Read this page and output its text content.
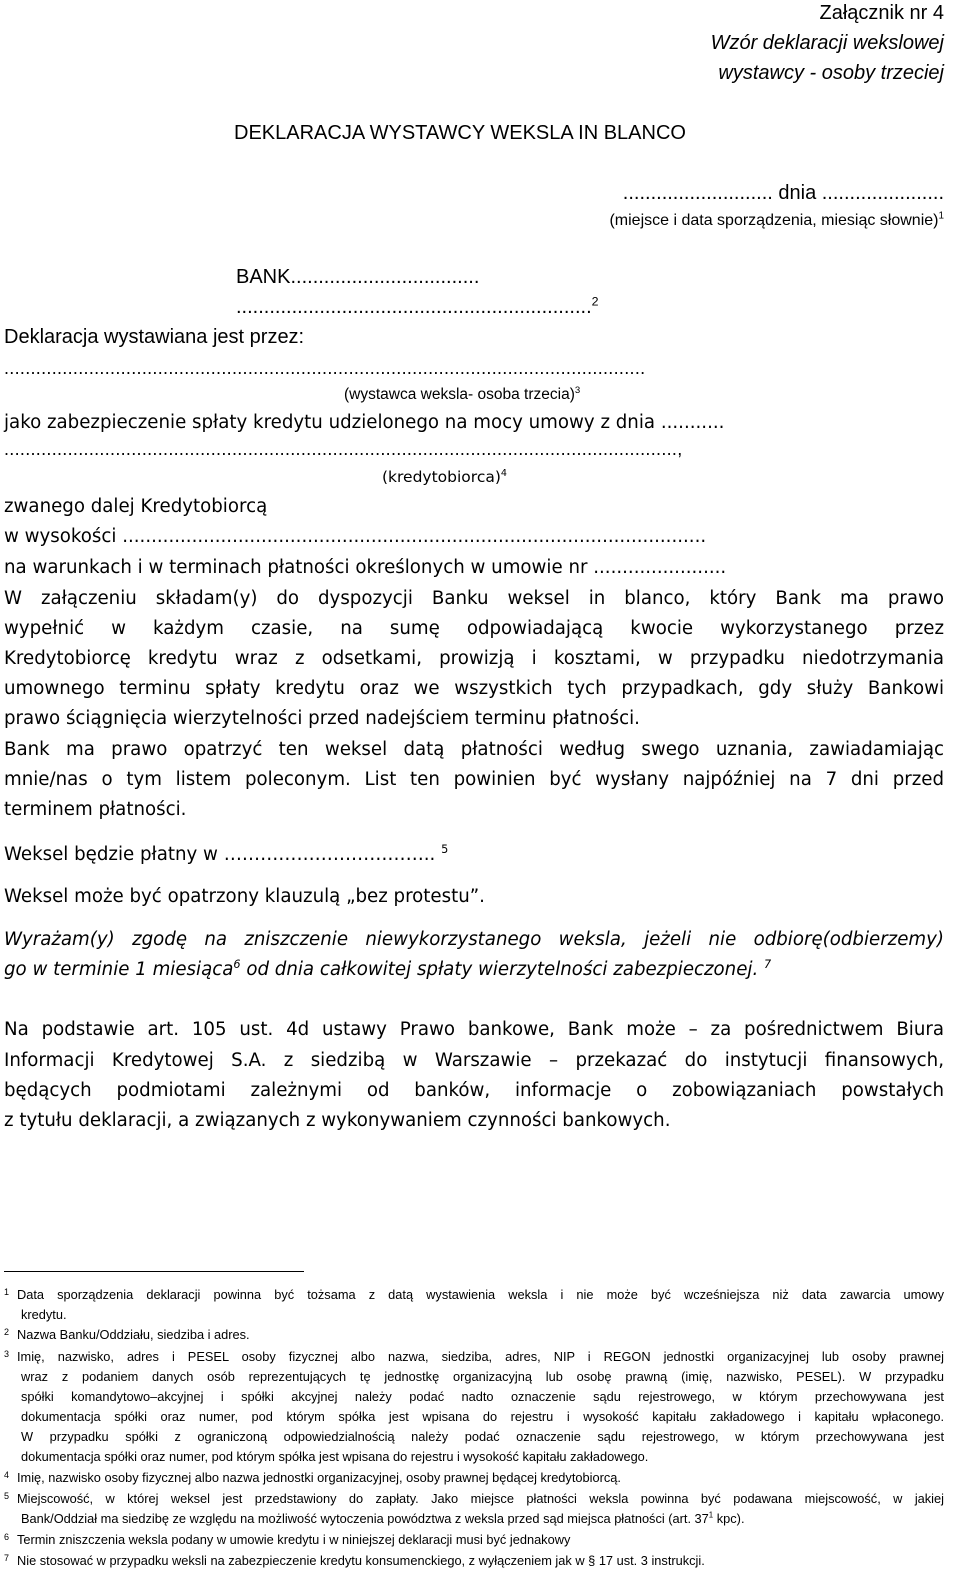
Załącznik nr 4
Wzór deklaracji wekslowej
wystawcy - osoby trzeciej
DEKLARACJA WYSTAWCY WEKSLA IN BLANCO
........................... dnia ......................
(miejsce i data sporządzenia, miesiąc słownie)$^1$
BANK..................................
................................................................$^2$
Deklaracja wystawiana jest przez:
.........................................................................................................................
(wystawca weksla- osoba trzecia)$^3$
jako zabezpieczenie spłaty kredytu udzielonego na mocy umowy z dnia ...........
...............................................................................................................................,
(kredytobiorca)$^4$
zwanego dalej Kredytobiorcą
w wysokości .....................................................................................................
na warunkach i w terminach płatności określonych w umowie nr .......................
W załączeniu składam(y) do dyspozycji Banku weksel in blanco, który Bank ma prawo
wypełnić w każdym czasie, na sumę odpowiadającą kwocie wykorzystanego przez
Kredytobiorcę kredytu wraz z odsetkami, prowizją i kosztami, w przypadku niedotrzymania
umownego terminu spłaty kredytu oraz we wszystkich tych przypadkach, gdy służy Bankowi
prawo ściągnięcia wierzytelności przed nadejściem terminu płatności.
Bank ma prawo opatrzyć ten weksel datą płatności według swego uznania, zawiadamiając
mnie/nas o tym listem poleconym. List ten powinien być wysłany najpóźniej na 7 dni przed
terminem płatności.
Weksel będzie płatny w …………………………….. $^5$
Weksel może być opatrzony klauzulą „bez protestu”.
Wyrażam(y) zgodę na zniszczenie niewykorzystanego weksla, jeżeli nie odbiorę(odbierzemy)
go w terminie 1 miesiąca$^6$ od dnia całkowitej spłaty wierzytelności zabezpieczonej. $^7$
Na podstawie art. 105 ust. 4d ustawy Prawo bankowe, Bank może – za pośrednictwem Biura
Informacji Kredytowej S.A. z siedzibą w Warszawie – przekazać do instytucji finansowych,
będących podmiotami zależnymi od banków, informacje o zobowiązaniach powstałych
z tytułu deklaracji, a związanych z wykonywaniem czynności bankowych.
1 Data sporządzenia deklaracji powinna być tożsama z datą wystawienia weksla i nie może być wcześniejsza niż data zawarcia umowy
kredytu.
2 Nazwa Banku/Oddziału, siedziba i adres.
3 Imię, nazwisko, adres i PESEL osoby fizycznej albo nazwa, siedziba, adres, NIP i REGON jednostki organizacyjnej lub osoby prawnej
wraz z podaniem danych osób reprezentujących tę jednostkę organizacyjną lub osobę prawną (imię, nazwisko, PESEL). W przypadku
spółki komandytowo–akcyjnej i spółki akcyjnej należy podać nadto oznaczenie sądu rejestrowego, w którym przechowywana jest
dokumentacja spółki oraz numer, pod którym spółka jest wpisana do rejestru i wysokość kapitału zakładowego i kapitału wpłaconego.
W przypadku spółki z ograniczoną odpowiedzialnością należy podać oznaczenie sądu rejestrowego, w którym przechowywana jest
dokumentacja spółki oraz numer, pod którym spółka jest wpisana do rejestru i wysokość kapitału zakładowego.
4 Imię, nazwisko osoby fizycznej albo nazwa jednostki organizacyjnej, osoby prawnej będącej kredytobiorcą.
5 Miejscowość, w której weksel jest przedstawiony do zapłaty. Jako miejsce płatności weksla powinna być podawana miejscowość, w jakiej
Bank/Oddział ma siedzibę ze względu na możliwość wytoczenia powództwa z weksla przed sąd miejsca płatności (art. $37^1$ kpc).
6 Termin zniszczenia weksla podany w umowie kredytu i w niniejszej deklaracji musi być jednakowy
7 Nie stosować w przypadku weksli na zabezpieczenie kredytu konsumenckiego, z wyłączeniem jak w § 17 ust. 3 instrukcji.
